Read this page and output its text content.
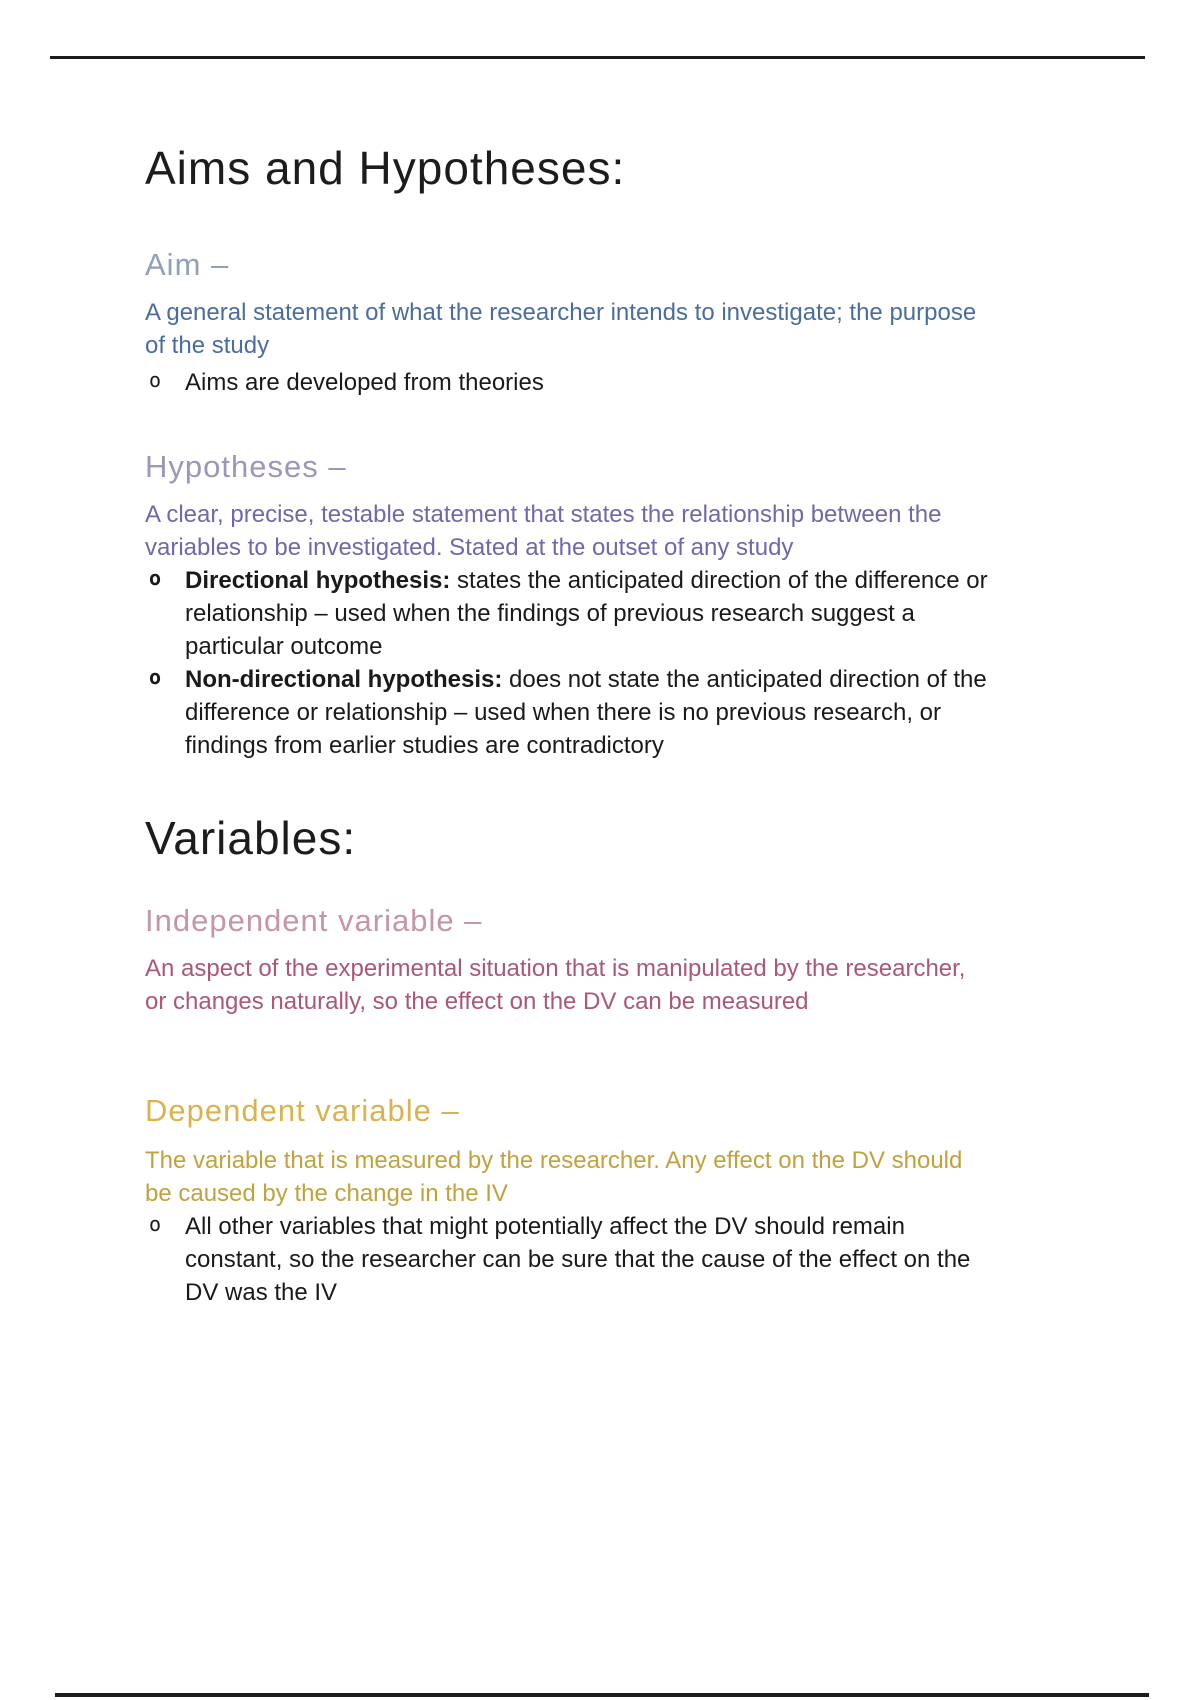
Aims and Hypotheses:
Aim –
A general statement of what the researcher intends to investigate; the purpose
of the study
o Aims are developed from theories
Hypotheses –
A clear, precise, testable statement that states the relationship between the
variables to be investigated. Stated at the outset of any study
o Directional hypothesis: states the anticipated direction of the difference or
relationship – used when the findings of previous research suggest a
particular outcome
o Non-directional hypothesis: does not state the anticipated direction of the
difference or relationship – used when there is no previous research, or
findings from earlier studies are contradictory
Variables:
Independent variable –
An aspect of the experimental situation that is manipulated by the researcher,
or changes naturally, so the effect on the DV can be measured
Dependent variable –
The variable that is measured by the researcher. Any effect on the DV should
be caused by the change in the IV
o All other variables that might potentially affect the DV should remain
constant, so the researcher can be sure that the cause of the effect on the
DV was the IV
